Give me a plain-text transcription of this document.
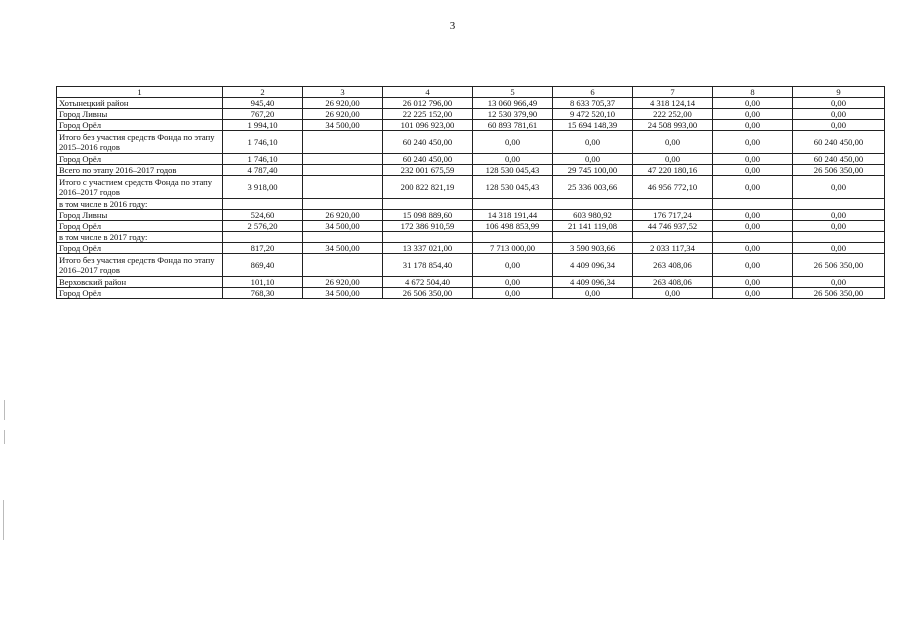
3
1	2	3	4	5	6	7	8	9
Хотынецкий район	945,40	26 920,00	26 012 796,00	13 060 966,49	8 633 705,37	4 318 124,14	0,00	0,00
Город Ливны	767,20	26 920,00	22 225 152,00	12 530 379,90	9 472 520,10	222 252,00	0,00	0,00
Город Орёл	1 994,10	34 500,00	101 096 923,00	60 893 781,61	15 694 148,39	24 508 993,00	0,00	0,00
Итого без участия средств Фонда по этапу 2015–2016 годов	1 746,10		60 240 450,00	0,00	0,00	0,00	0,00	60 240 450,00
Город Орёл	1 746,10		60 240 450,00	0,00	0,00	0,00	0,00	60 240 450,00
Всего по этапу 2016–2017 годов	4 787,40		232 001 675,59	128 530 045,43	29 745 100,00	47 220 180,16	0,00	26 506 350,00
Итого с участием средств Фонда по этапу 2016–2017 годов	3 918,00		200 822 821,19	128 530 045,43	25 336 003,66	46 956 772,10	0,00	0,00
в том числе в 2016 году:								
Город Ливны	524,60	26 920,00	15 098 889,60	14 318 191,44	603 980,92	176 717,24	0,00	0,00
Город Орёл	2 576,20	34 500,00	172 386 910,59	106 498 853,99	21 141 119,08	44 746 937,52	0,00	0,00
в том числе в 2017 году:								
Город Орёл	817,20	34 500,00	13 337 021,00	7 713 000,00	3 590 903,66	2 033 117,34	0,00	0,00
Итого без участия средств Фонда по этапу 2016–2017 годов	869,40		31 178 854,40	0,00	4 409 096,34	263 408,06	0,00	26 506 350,00
Верховский район	101,10	26 920,00	4 672 504,40	0,00	4 409 096,34	263 408,06	0,00	0,00
Город Орёл	768,30	34 500,00	26 506 350,00	0,00	0,00	0,00	0,00	26 506 350,00
